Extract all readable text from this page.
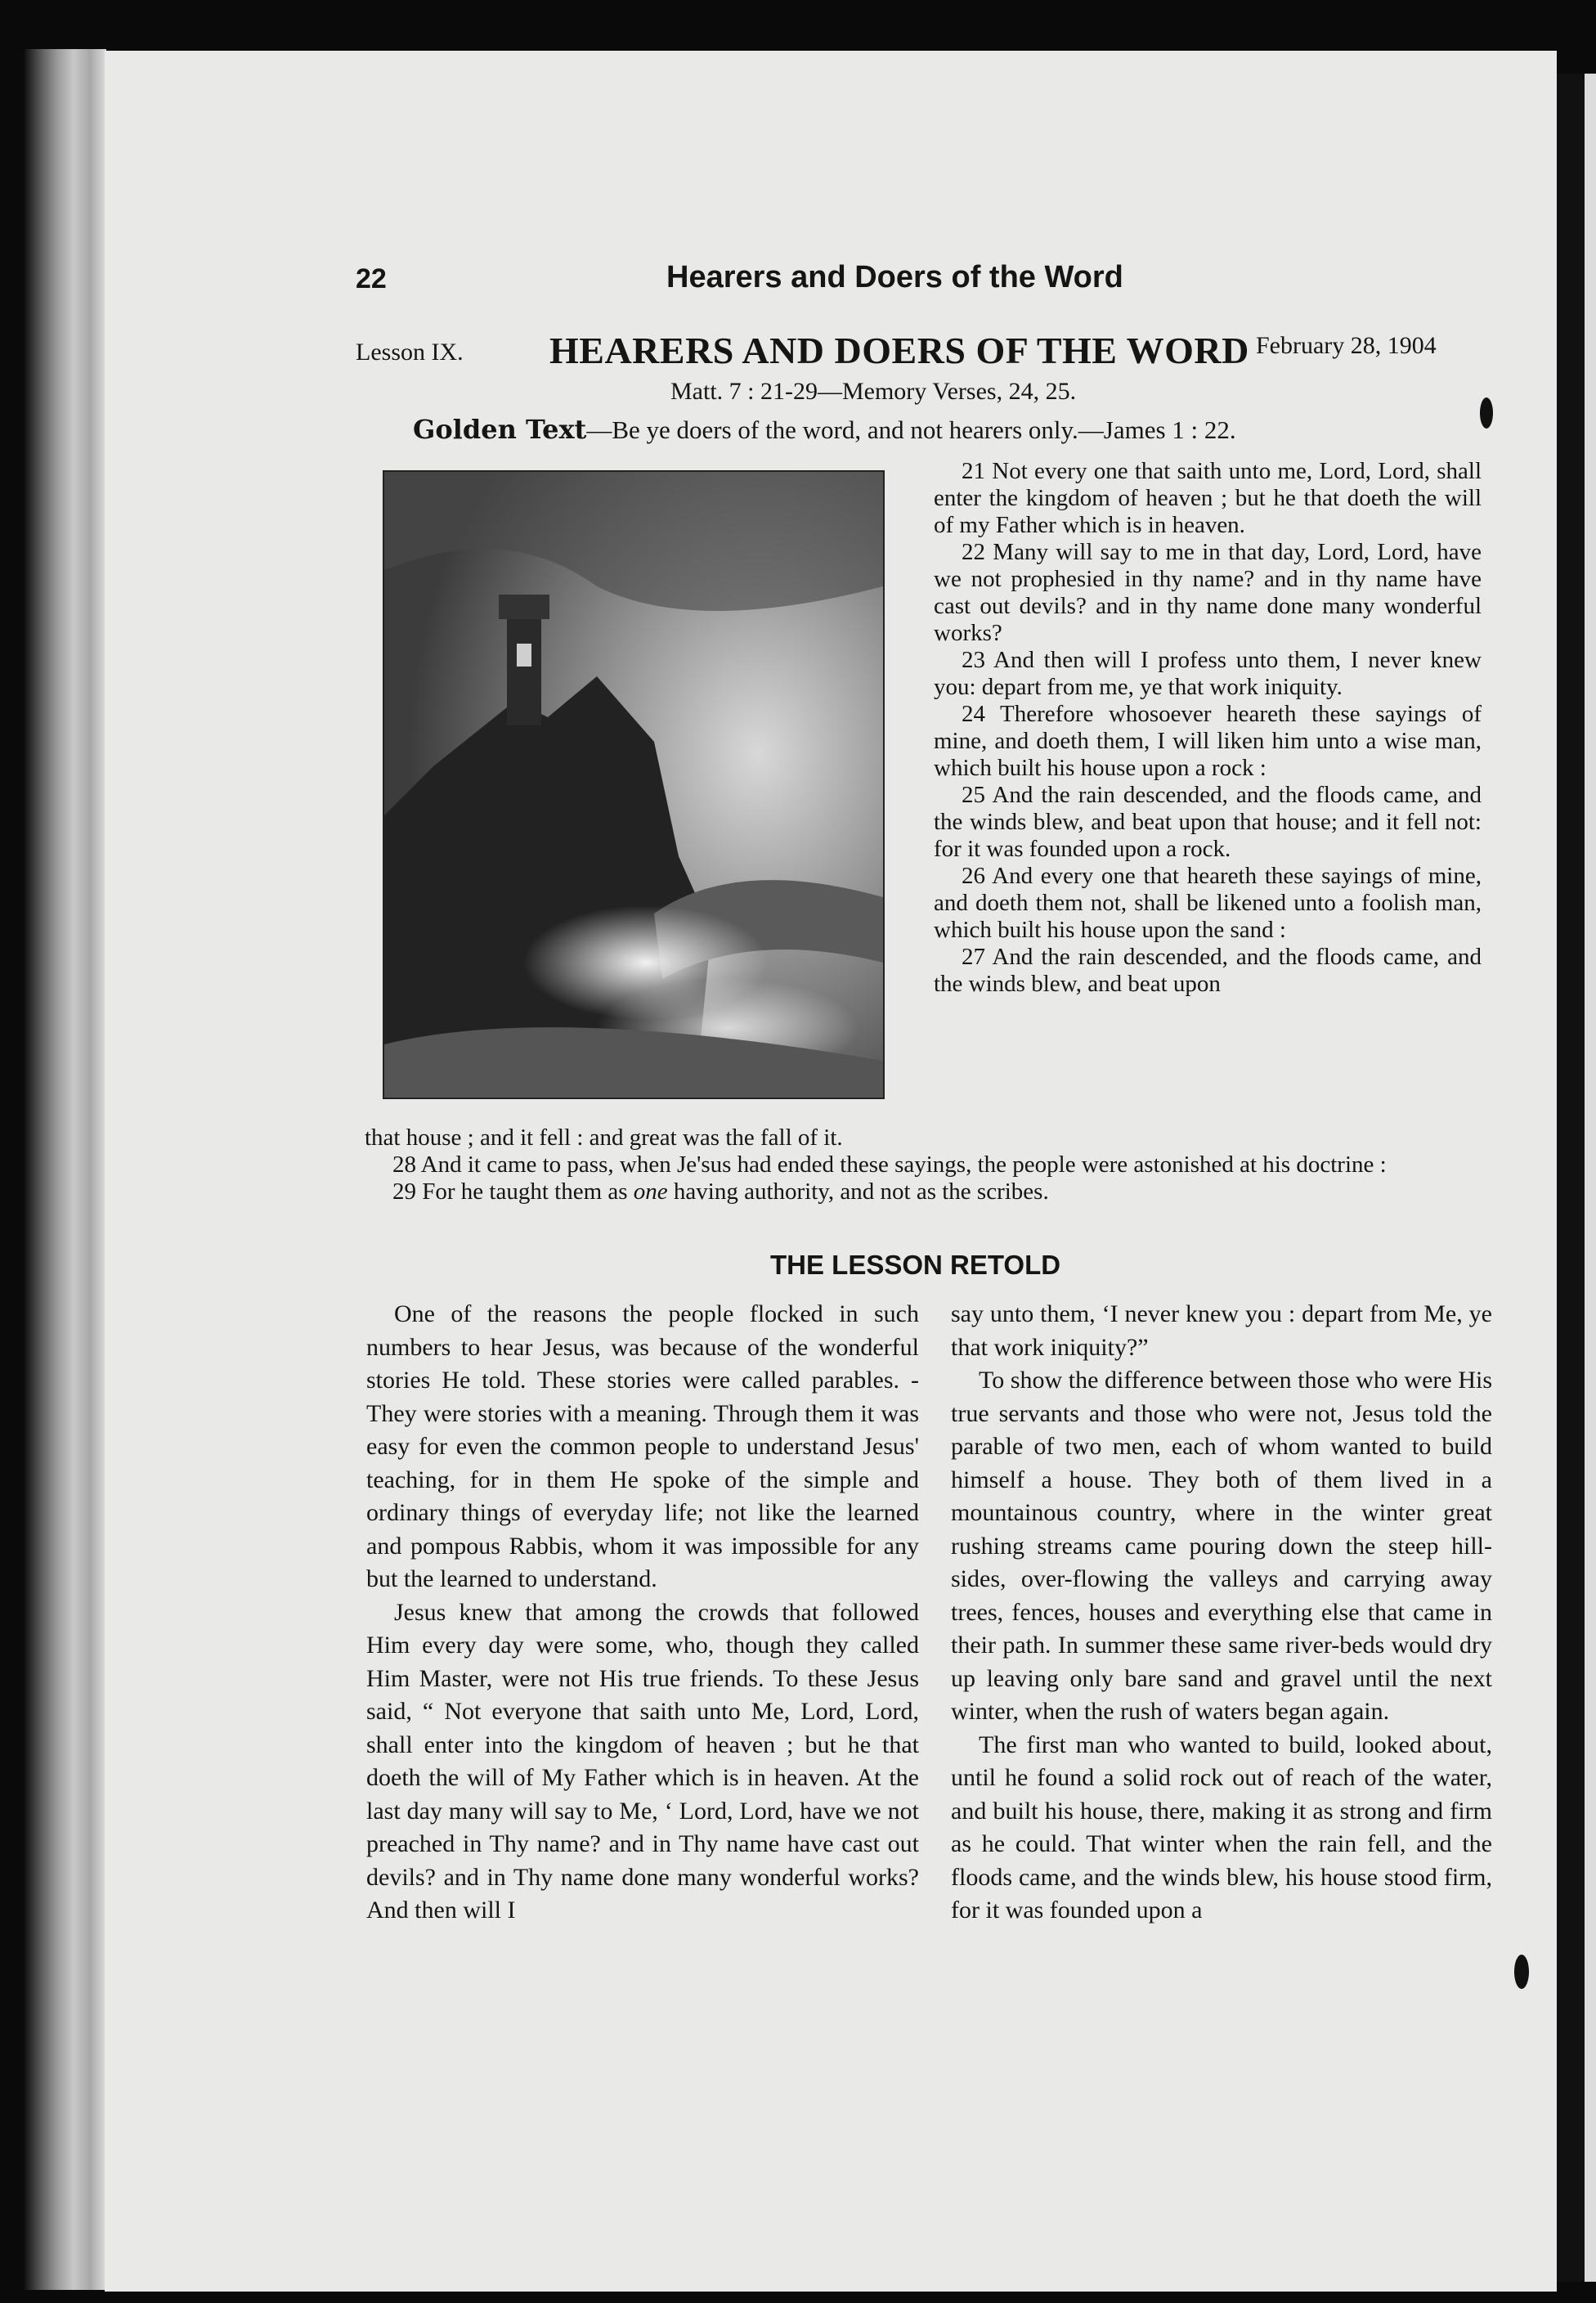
22	Hearers and Doers of the Word

Lesson IX. HEARERS AND DOERS OF THE WORD February 28, 1904

Matt. 7 : 21-29—Memory Verses, 24, 25.

Golden Text—Be ye doers of the word, and not hearers only.—James 1 : 22.

21 Not every one that saith unto me, Lord, Lord, shall enter the kingdom of heaven ; but he that doeth the will of my Father which is in heaven.

22 Many will say to me in that day, Lord, Lord, have we not prophesied in thy name? and in thy name have cast out devils? and in thy name done many wonderful works?

23 And then will I profess unto them, I never knew you: depart from me, ye that work iniquity.

24 Therefore whosoever heareth these sayings of mine, and doeth them, I will liken him unto a wise man, which built his house upon a rock :

25 And the rain descended, and the floods came, and the winds blew, and beat upon that house; and it fell not: for it was founded upon a rock.

26 And every one that heareth these sayings of mine, and doeth them not, shall be likened unto a foolish man, which built his house upon the sand :

27 And the rain descended, and the floods came, and the winds blew, and beat upon

that house ; and it fell : and great was the fall of it.

28 And it came to pass, when Je'sus had ended these sayings, the people were astonished at his doctrine :

29 For he taught them as one having authority, and not as the scribes.

THE LESSON RETOLD

One of the reasons the people flocked in such numbers to hear Jesus, was because of the wonderful stories He told. These stories were called parables. - They were stories with a meaning. Through them it was easy for even the common people to understand Jesus' teaching, for in them He spoke of the simple and ordinary things of everyday life; not like the learned and pompous Rabbis, whom it was impossible for any but the learned to understand.

Jesus knew that among the crowds that followed Him every day were some, who, though they called Him Master, were not His true friends. To these Jesus said, “ Not everyone that saith unto Me, Lord, Lord, shall enter into the kingdom of heaven ; but he that doeth the will of My Father which is in heaven. At the last day many will say to Me, ‘ Lord, Lord, have we not preached in Thy name? and in Thy name have cast out devils? and in Thy name done many wonderful works? And then will I

say unto them, ‘I never knew you : depart from Me, ye that work iniquity?”

To show the difference between those who were His true servants and those who were not, Jesus told the parable of two men, each of whom wanted to build himself a house. They both of them lived in a mountainous country, where in the winter great rushing streams came pouring down the steep hill-sides, over-flowing the valleys and carrying away trees, fences, houses and everything else that came in their path. In summer these same river-beds would dry up leaving only bare sand and gravel until the next winter, when the rush of waters began again.

The first man who wanted to build, looked about, until he found a solid rock out of reach of the water, and built his house, there, making it as strong and firm as he could. That winter when the rain fell, and the floods came, and the winds blew, his house stood firm, for it was founded upon a
